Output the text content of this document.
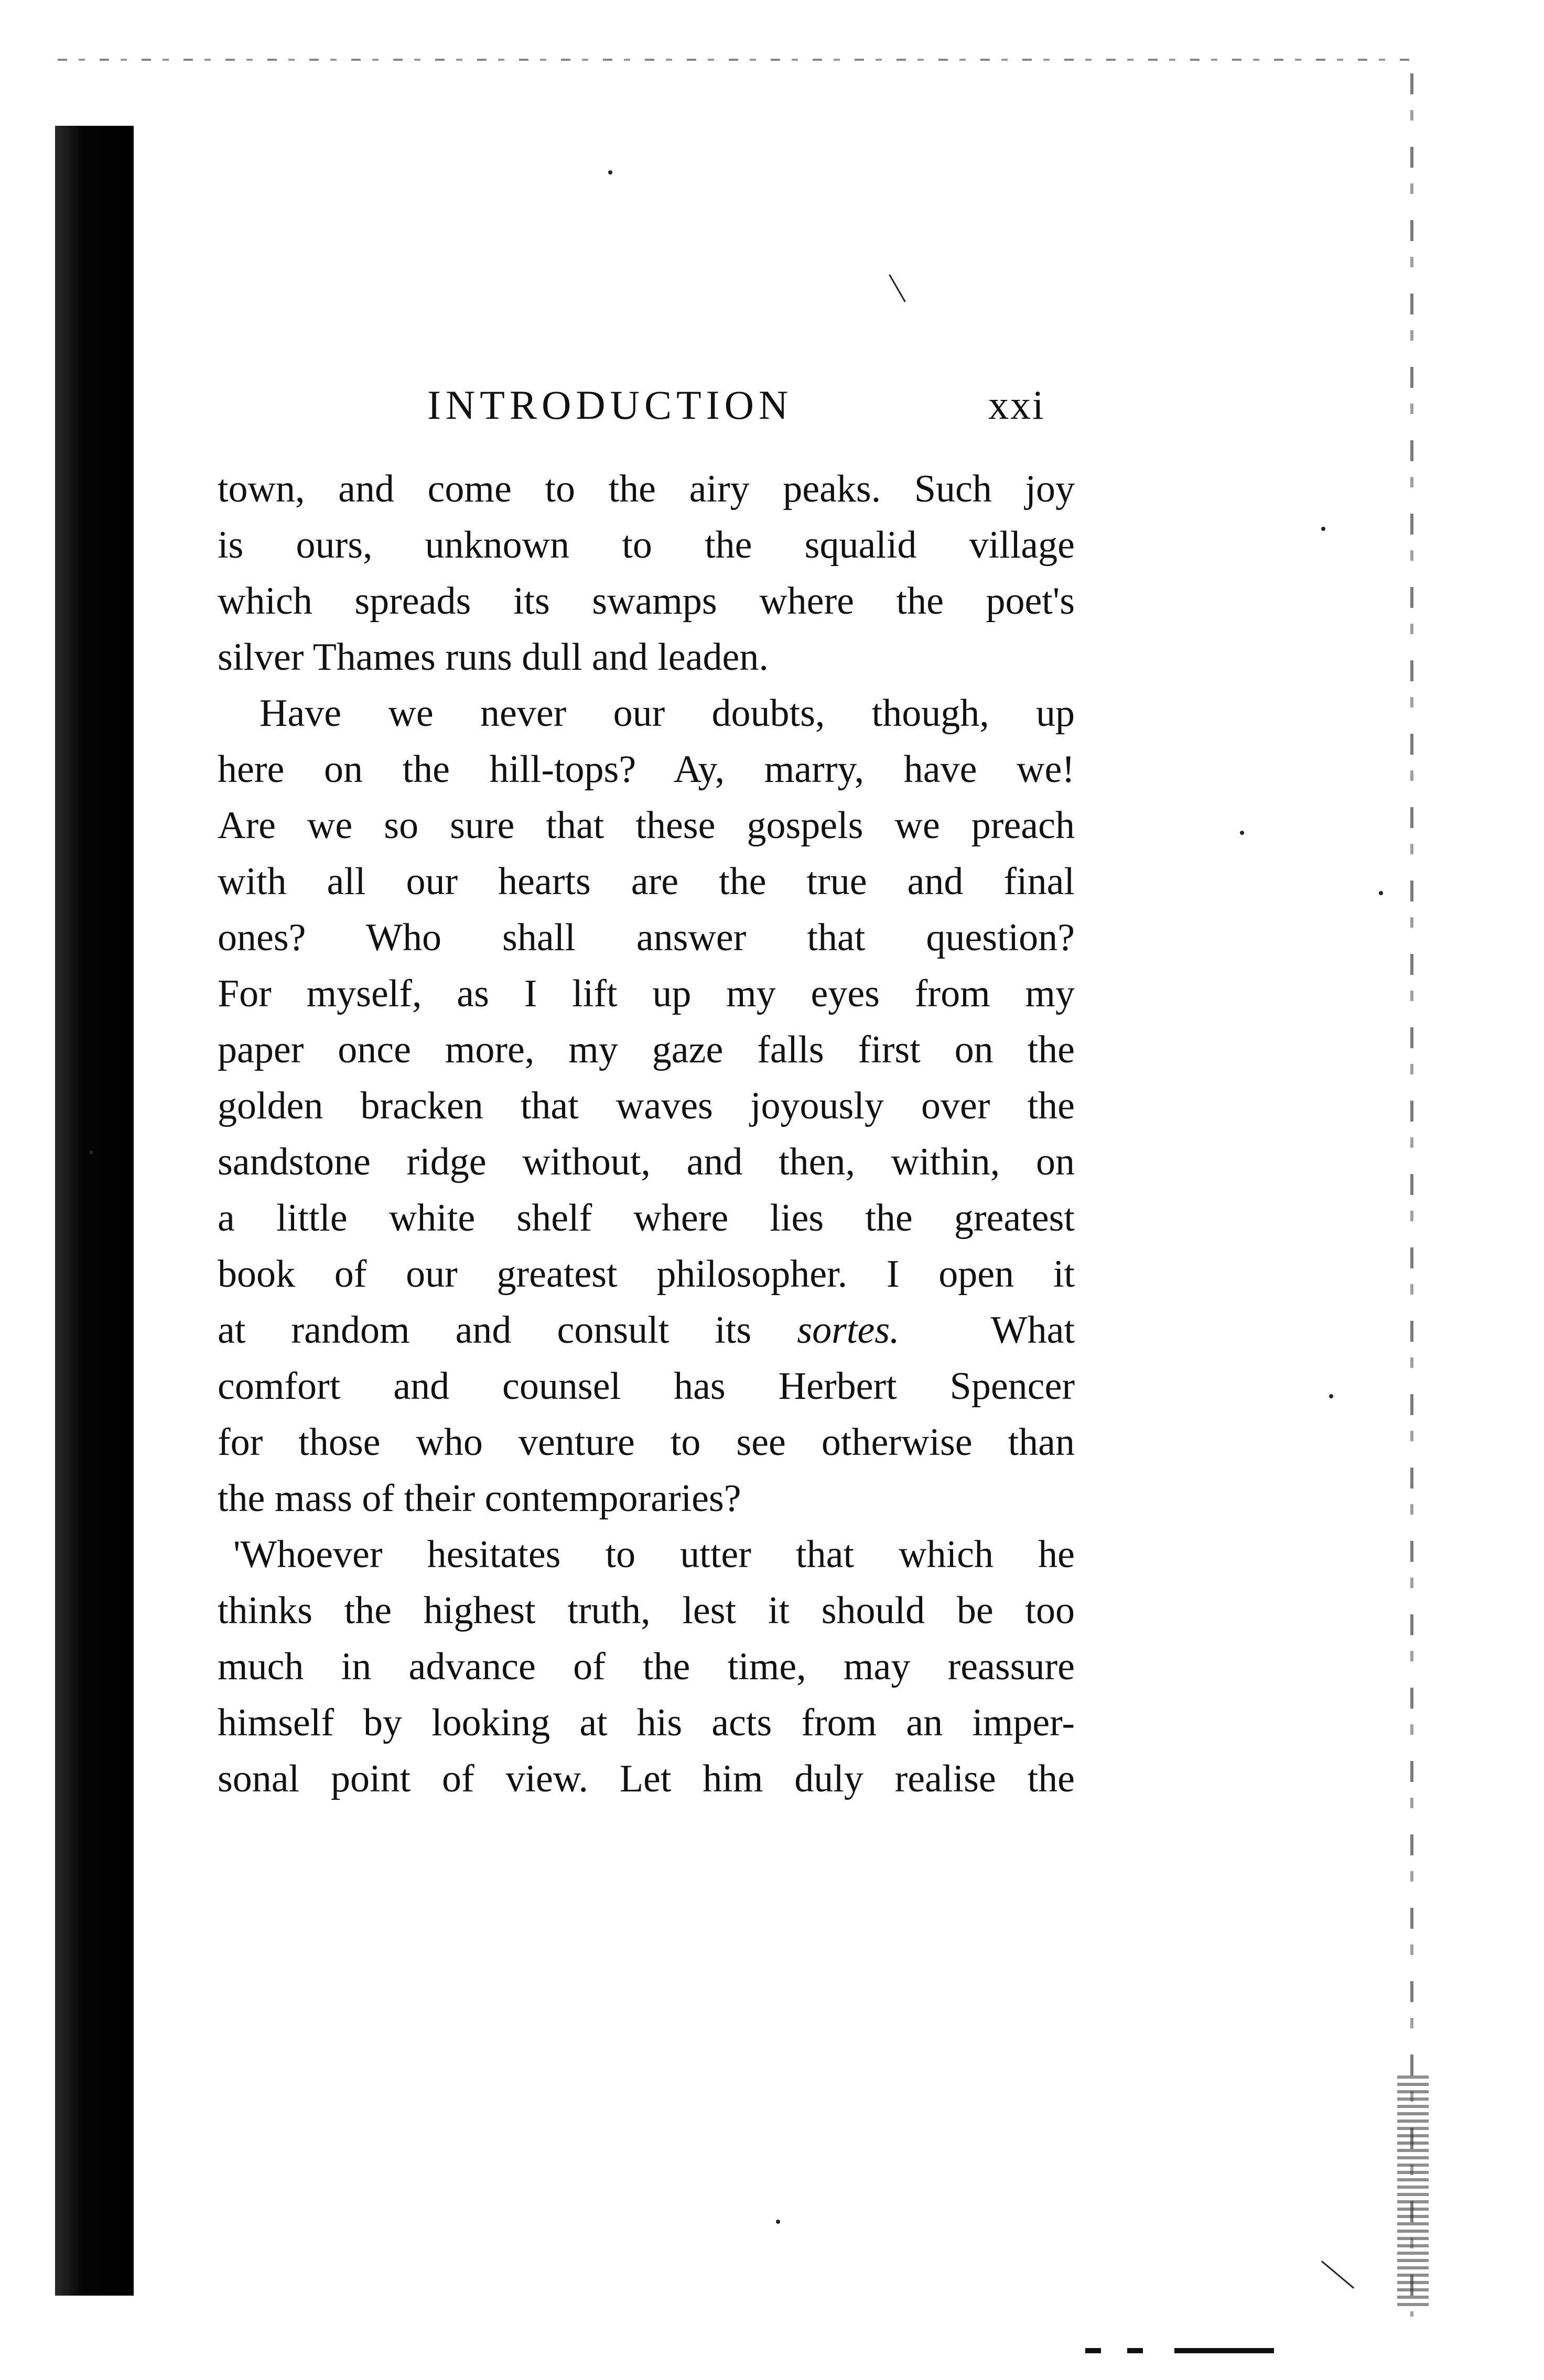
INTRODUCTION	xxi
town, and come to the airy peaks. Such joy
is ours, unknown to the squalid village
which spreads its swamps where the poet's
silver Thames runs dull and leaden.
Have we never our doubts, though, up
here on the hill-tops? Ay, marry, have we!
Are we so sure that these gospels we preach
with all our hearts are the true and final
ones? Who shall answer that question?
For myself, as I lift up my eyes from my
paper once more, my gaze falls first on the
golden bracken that waves joyously over the
sandstone ridge without, and then, within, on
a little white shelf where lies the greatest
book of our greatest philosopher. I open it
at random and consult its sortes. What
comfort and counsel has Herbert Spencer
for those who venture to see otherwise than
the mass of their contemporaries?
'Whoever hesitates to utter that which he
thinks the highest truth, lest it should be too
much in advance of the time, may reassure
himself by looking at his acts from an imper-
sonal point of view. Let him duly realise the
